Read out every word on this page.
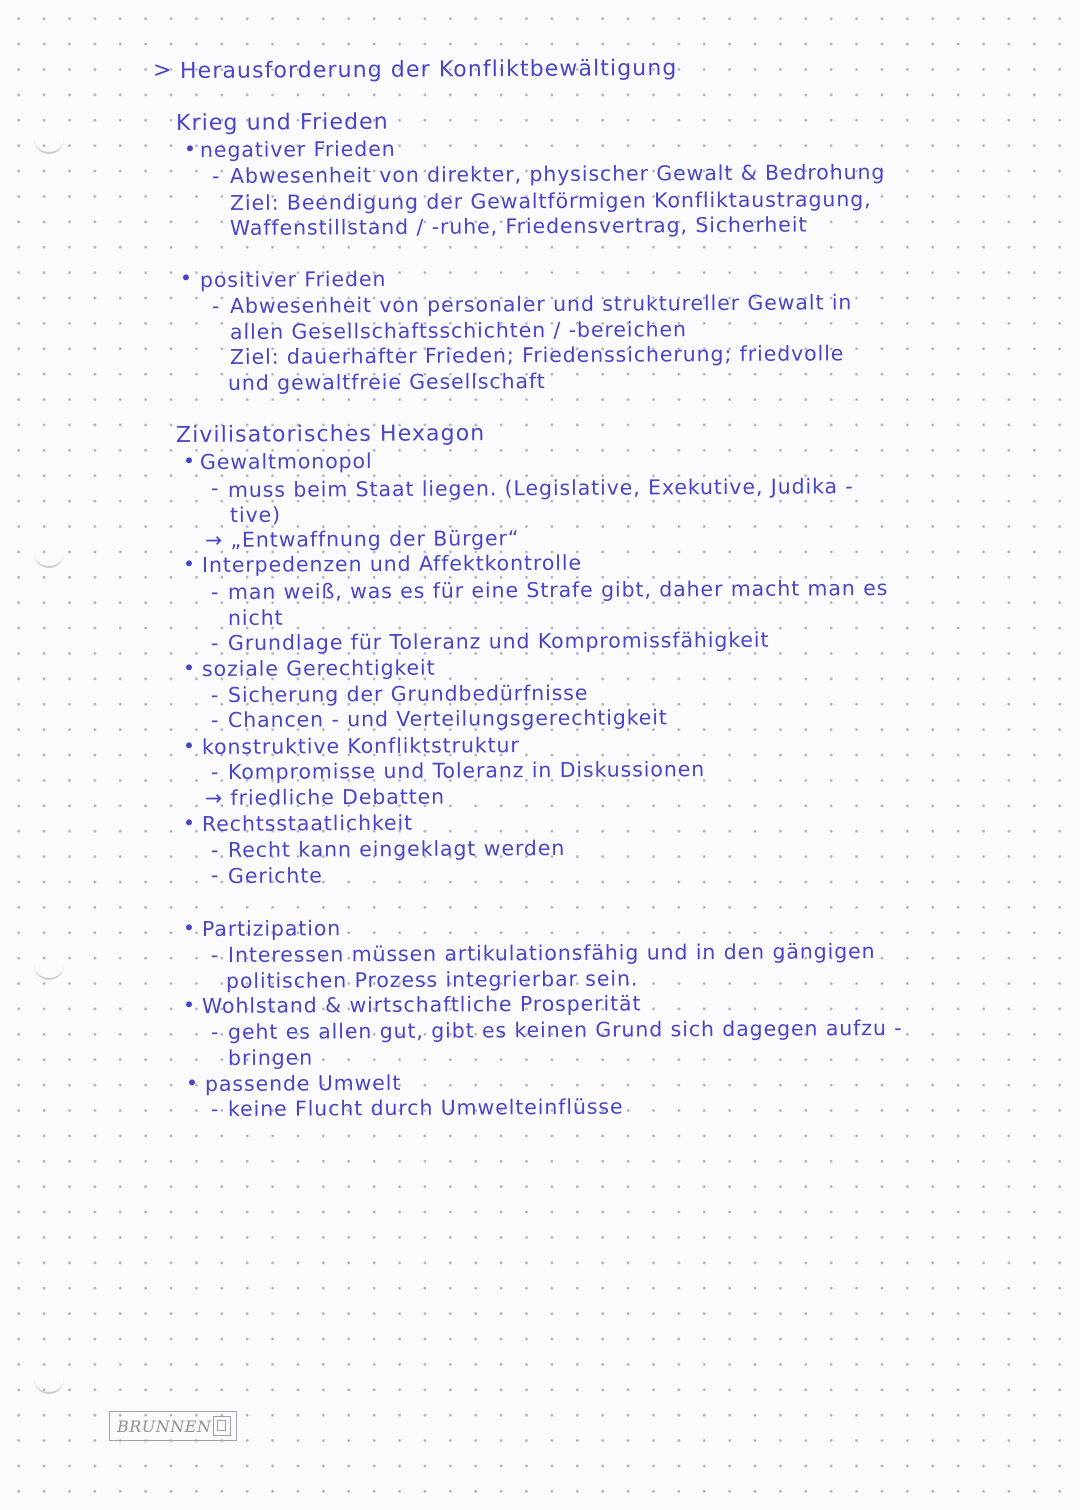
> Herausforderung der Konfliktbewältigung
Krieg und Frieden
• negativer Frieden
- Abwesenheit von direkter, physischer Gewalt & Bedrohung
Ziel: Beendigung der Gewaltförmigen Konfliktaustragung,
Waffenstillstand / -ruhe, Friedensvertrag, Sicherheit
• positiver Frieden
- Abwesenheit von personaler und struktureller Gewalt in
allen Gesellschaftsschichten / -bereichen
Ziel: dauerhafter Frieden; Friedenssicherung; friedvolle
und gewaltfreie Gesellschaft
Zivilisatorisches Hexagon
• Gewaltmonopol
- muss beim Staat liegen. (Legislative, Exekutive, Judika -
tive)
→ „Entwaffnung der Bürger“
• Interpedenzen und Affektkontrolle
- man weiß, was es für eine Strafe gibt, daher macht man es
nicht
- Grundlage für Toleranz und Kompromissfähigkeit
• soziale Gerechtigkeit
- Sicherung der Grundbedürfnisse
- Chancen - und Verteilungsgerechtigkeit
• konstruktive Konfliktstruktur
- Kompromisse und Toleranz in Diskussionen
→ friedliche Debatten
• Rechtsstaatlichkeit
- Recht kann eingeklagt werden
- Gerichte
• Partizipation
- Interessen müssen artikulationsfähig und in den gängigen
politischen Prozess integrierbar sein.
• Wohlstand & wirtschaftliche Prosperität
- geht es allen gut, gibt es keinen Grund sich dagegen aufzu -
bringen
• passende Umwelt
- keine Flucht durch Umwelteinflüsse
BRUNNEN
